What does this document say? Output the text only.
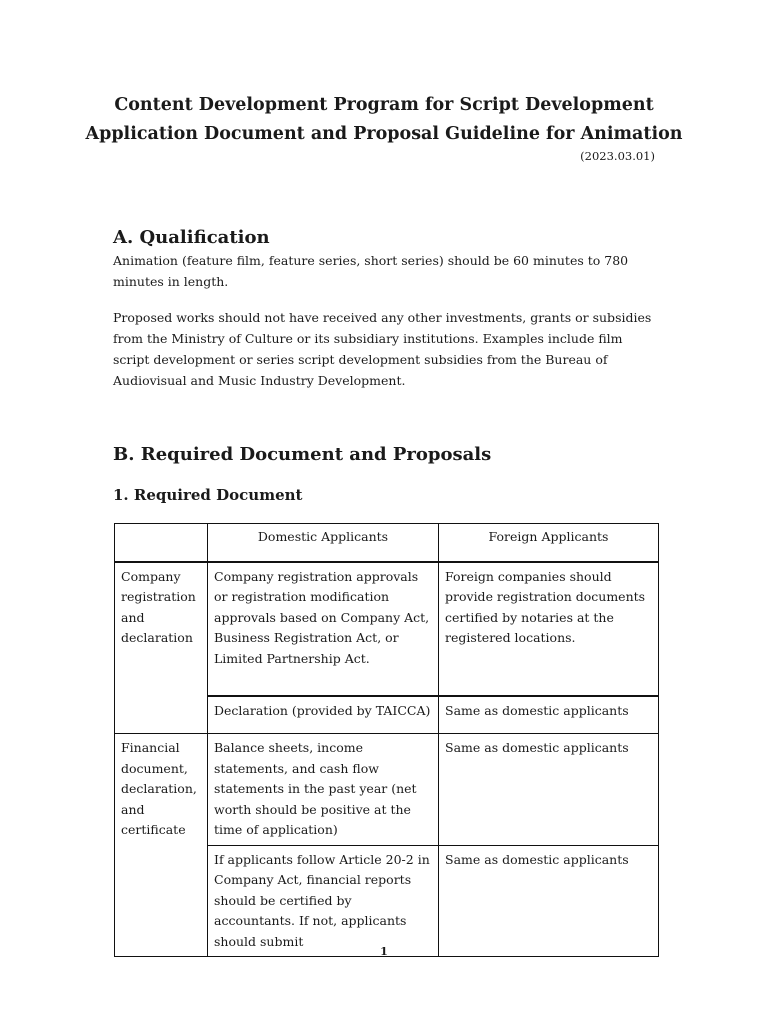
Content Development Program for Script Development
Application Document and Proposal Guideline for Animation
(2023.03.01)
A. Qualification

Animation (feature film, feature series, short series) should be 60 minutes to 780 minutes in length.

Proposed works should not have received any other investments, grants or subsidies from the Ministry of Culture or its subsidiary institutions. Examples include film script development or series script development subsidies from the Bureau of Audiovisual and Music Industry Development.

B. Required Document and Proposals
1. Required Document
	Domestic Applicants	Foreign Applicants
Company registration and declaration	Company registration approvals or registration modification approvals based on Company Act, Business Registration Act, or Limited Partnership Act.	Foreign companies should provide registration documents certified by notaries at the registered locations.
	Declaration (provided by TAICCA)	Same as domestic applicants
Financial document, declaration, and certificate	Balance sheets, income statements, and cash flow statements in the past year (net worth should be positive at the time of application)	Same as domestic applicants
	If applicants follow Article 20-2 in Company Act, financial reports should be certified by accountants. If not, applicants should submit	Same as domestic applicants
1
